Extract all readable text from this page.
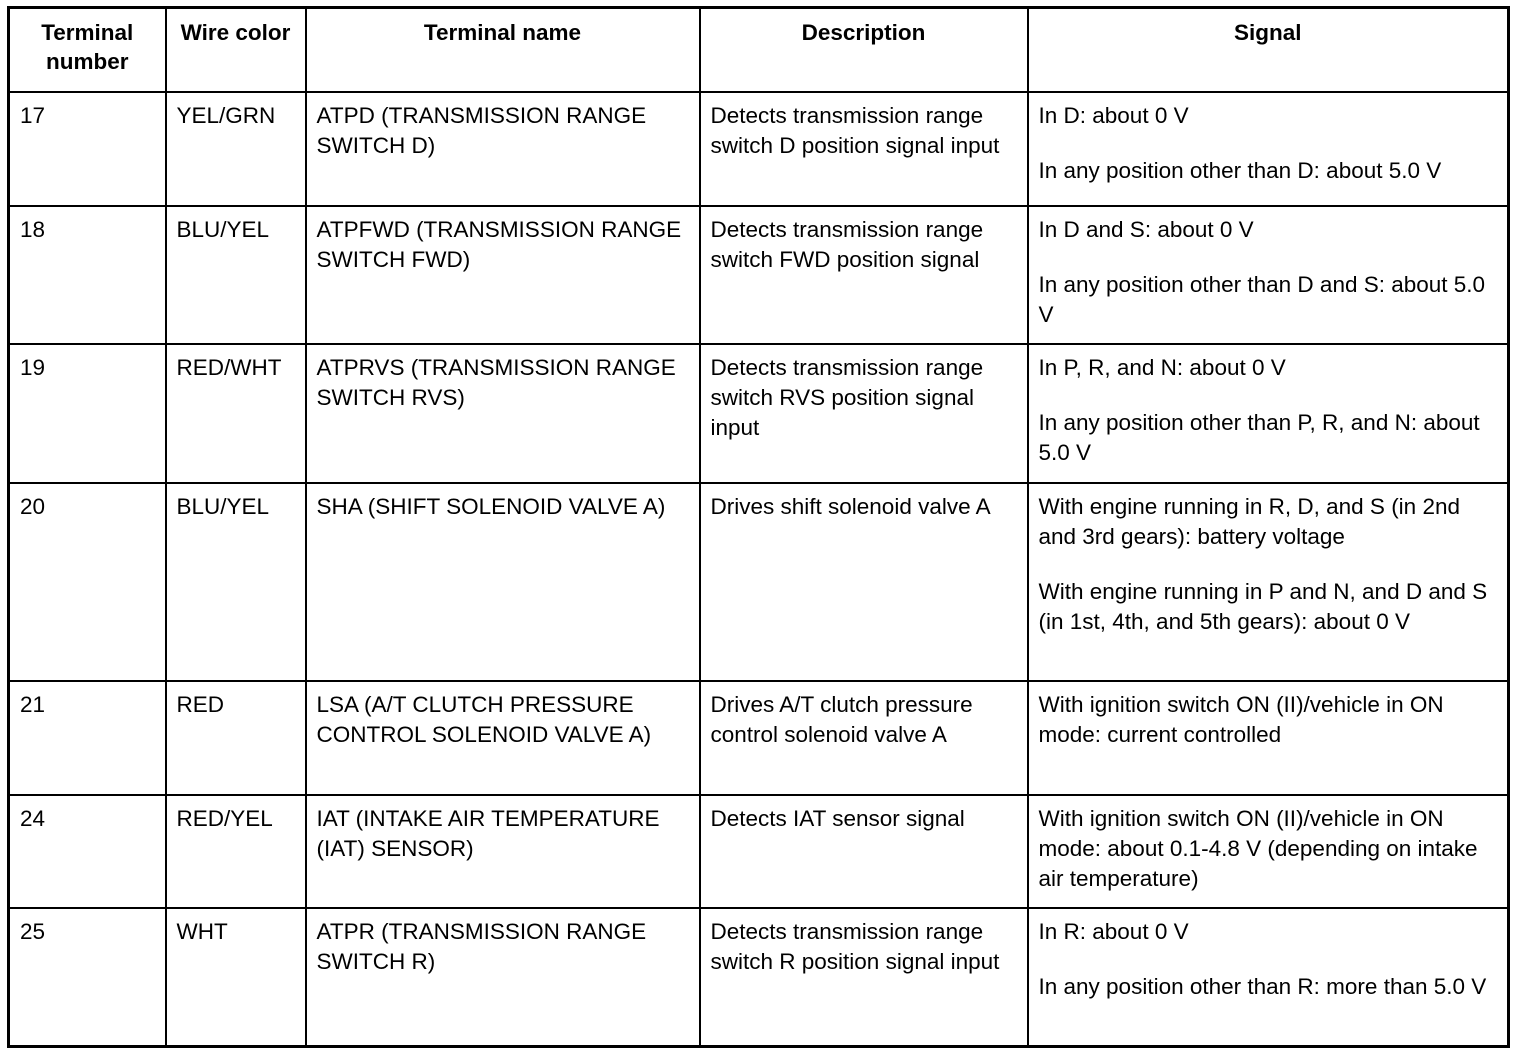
Terminal number	Wire color	Terminal name	Description	Signal
17	YEL/GRN	ATPD (TRANSMISSION RANGE SWITCH D)	Detects transmission range switch D position signal input	In D: about 0 V
In any position other than D: about 5.0 V

18	BLU/YEL	ATPFWD (TRANSMISSION RANGE SWITCH FWD)	Detects transmission range switch FWD position signal	In D and S: about 0 V
In any position other than D and S: about 5.0 V

19	RED/WHT	ATPRVS (TRANSMISSION RANGE SWITCH RVS)	Detects transmission range switch RVS position signal input	In P, R, and N: about 0 V
In any position other than P, R, and N: about 5.0 V

20	BLU/YEL	SHA (SHIFT SOLENOID VALVE A)	Drives shift solenoid valve A	With engine running in R, D, and S (in 2nd and 3rd gears): battery voltage
With engine running in P and N, and D and S (in 1st, 4th, and 5th gears): about 0 V

21	RED	LSA (A/T CLUTCH PRESSURE CONTROL SOLENOID VALVE A)	Drives A/T clutch pressure control solenoid valve A	With ignition switch ON (II)/vehicle in ON mode: current controlled

24	RED/YEL	IAT (INTAKE AIR TEMPERATURE (IAT) SENSOR)	Detects IAT sensor signal	With ignition switch ON (II)/vehicle in ON mode: about 0.1-4.8 V (depending on intake air temperature)

25	WHT	ATPR (TRANSMISSION RANGE SWITCH R)	Detects transmission range switch R position signal input	In R: about 0 V
In any position other than R: more than 5.0 V
